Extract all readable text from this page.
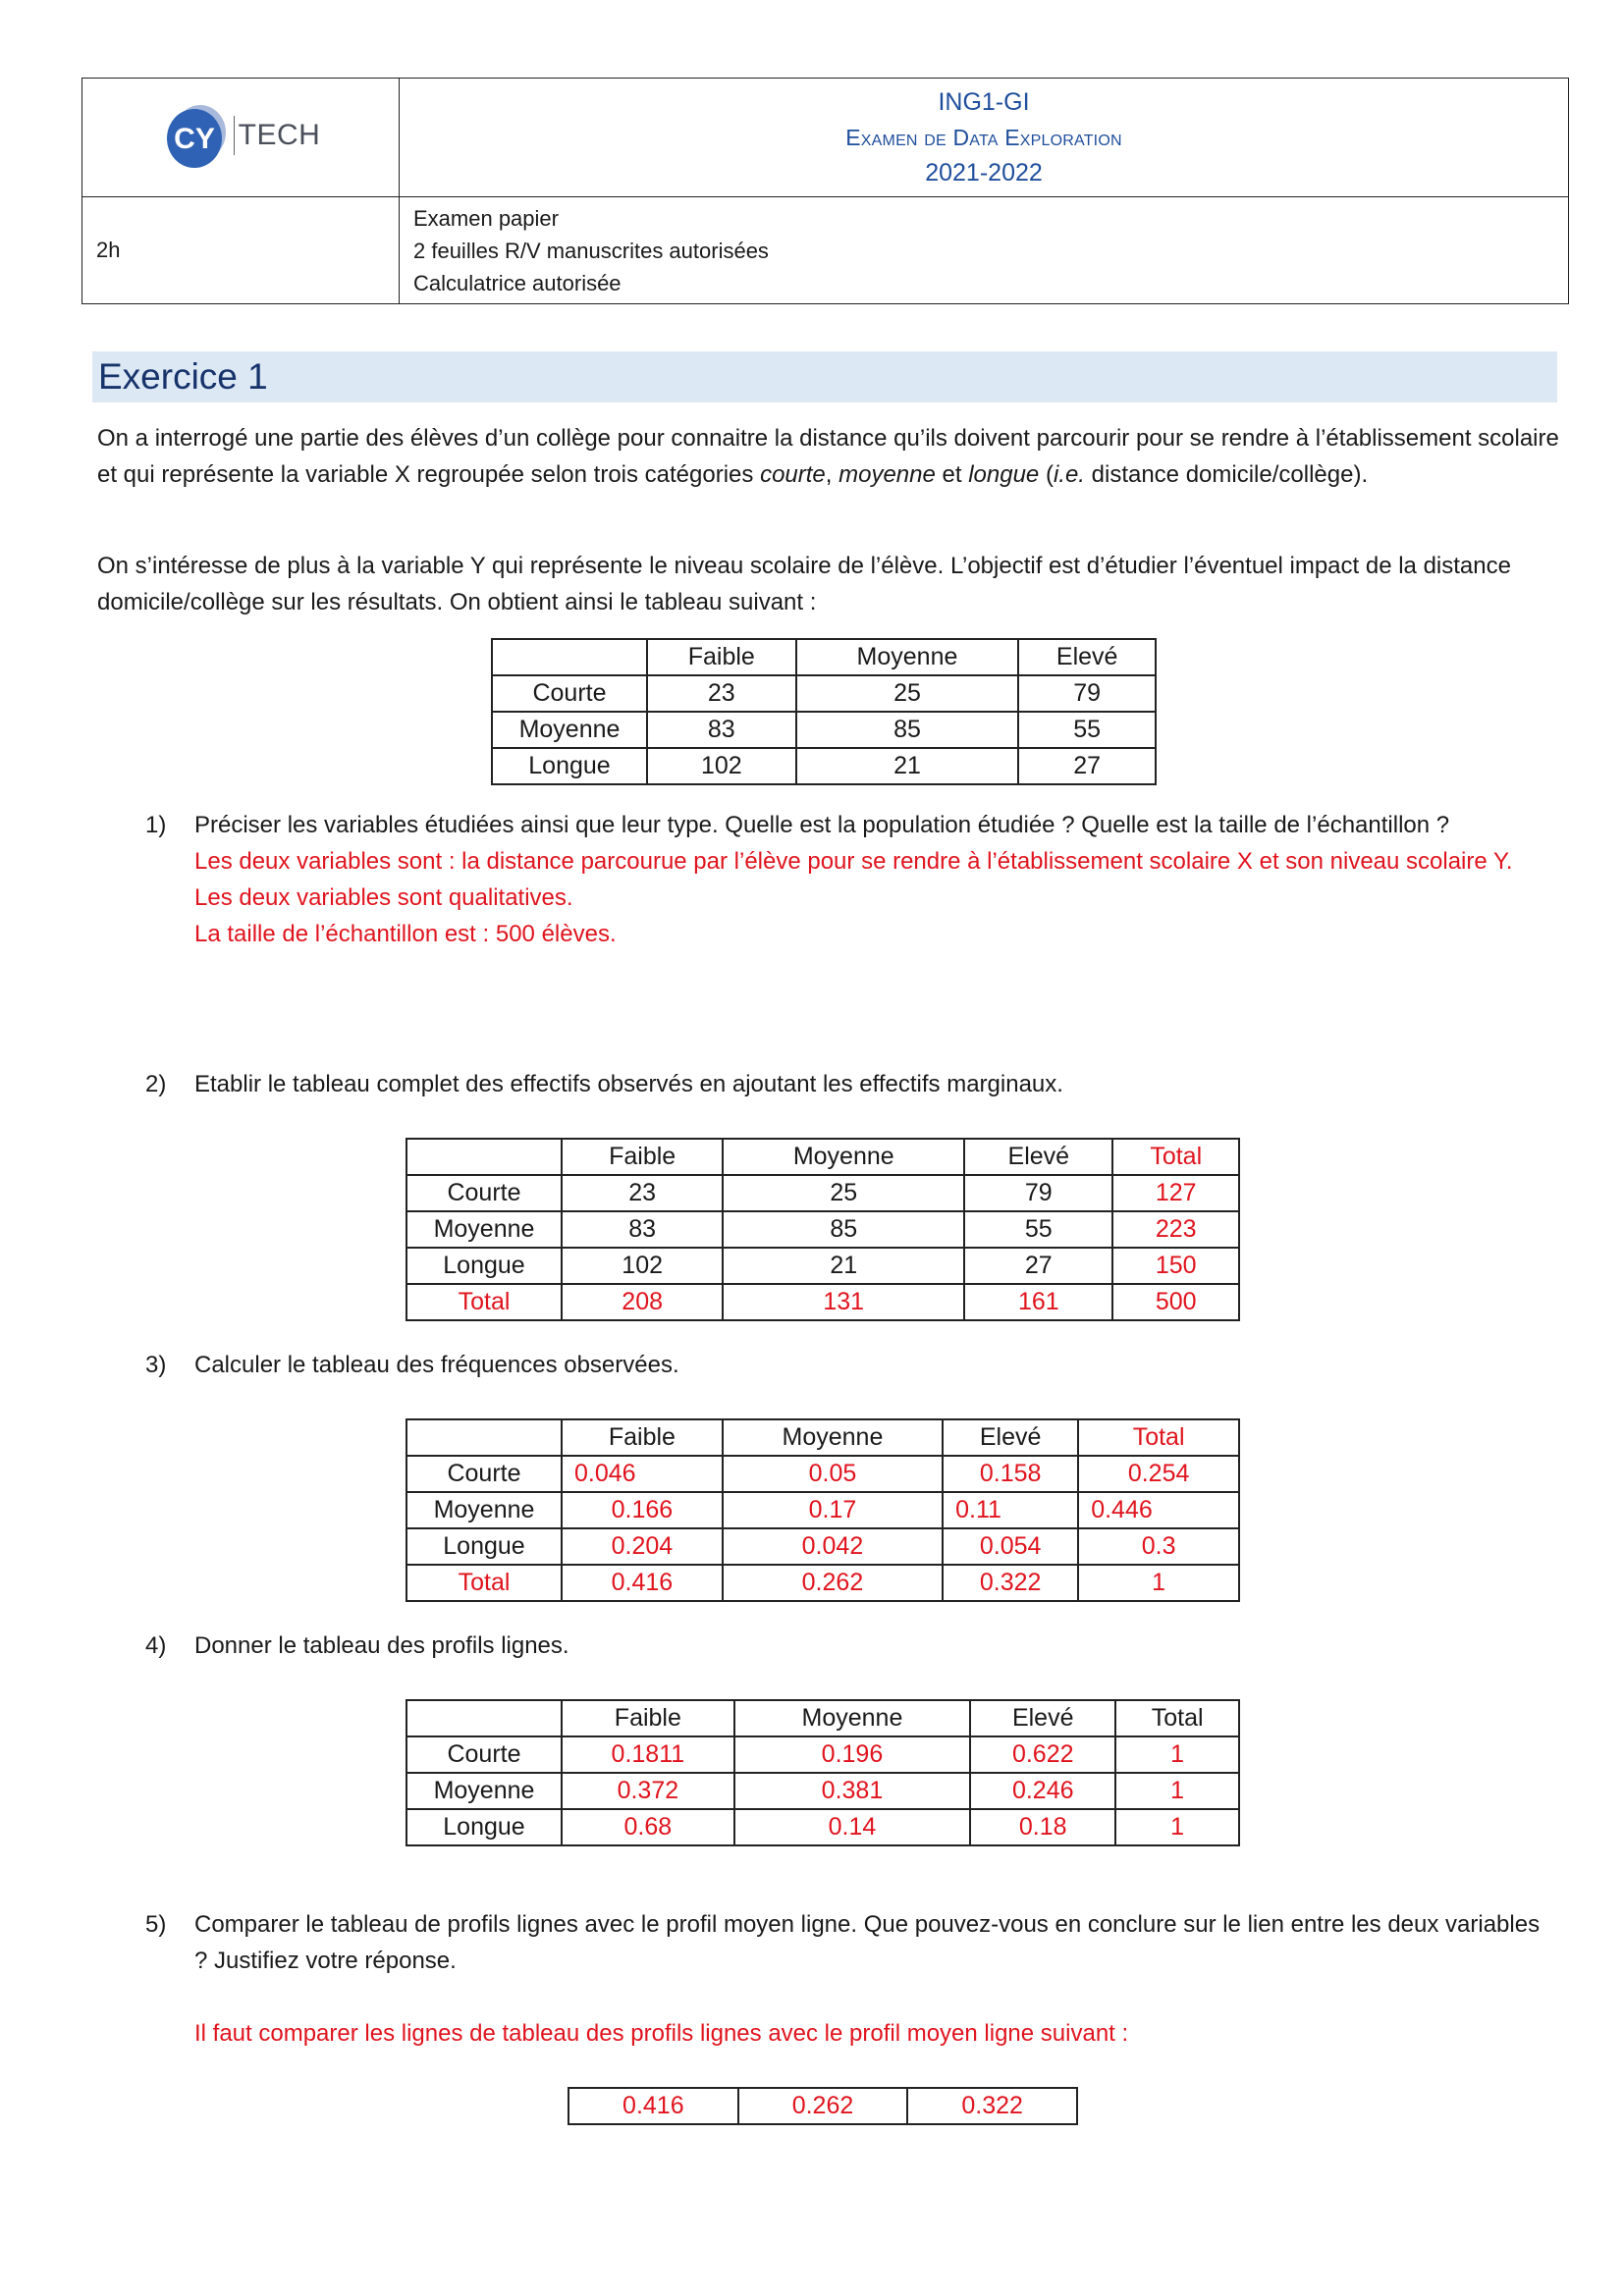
CY TECH

ING1-GI
Examen de Data Exploration
2021-2022

2h	Examen papier
2 feuilles R/V manuscrites autorisées
Calculatrice autorisée
Exercice 1

On a interrogé une partie des élèves d’un collège pour connaitre la distance qu’ils doivent parcourir pour se rendre à l’établissement scolaire et qui représente la variable X regroupée selon trois catégories courte, moyenne et longue (i.e. distance domicile/collège).

On s’intéresse de plus à la variable Y qui représente le niveau scolaire de l’élève. L’objectif est d’étudier l’éventuel impact de la distance domicile/collège sur les résultats. On obtient ainsi le tableau suivant :

	Faible	Moyenne	Elevé
Courte	23	25	79
Moyenne	83	85	55
Longue	102	21	27
1) Préciser les variables étudiées ainsi que leur type. Quelle est la population étudiée ? Quelle est la taille de l’échantillon ?
Les deux variables sont : la distance parcourue par l’élève pour se rendre à l’établissement scolaire X et son niveau scolaire Y.
Les deux variables sont qualitatives.
La taille de l’échantillon est : 500 élèves.
2) Etablir le tableau complet des effectifs observés en ajoutant les effectifs marginaux.
	Faible	Moyenne	Elevé	Total
Courte	23	25	79	127
Moyenne	83	85	55	223
Longue	102	21	27	150
Total	208	131	161	500
3) Calculer le tableau des fréquences observées.
	Faible	Moyenne	Elevé	Total
Courte	0.046	0.05	0.158	0.254
Moyenne	0.166	0.17	0.11	0.446
Longue	0.204	0.042	0.054	0.3
Total	0.416	0.262	0.322	1
4) Donner le tableau des profils lignes.
	Faible	Moyenne	Elevé	Total
Courte	0.1811	0.196	0.622	1
Moyenne	0.372	0.381	0.246	1
Longue	0.68	0.14	0.18	1
5) Comparer le tableau de profils lignes avec le profil moyen ligne. Que pouvez-vous en conclure sur le lien entre les deux variables ? Justifiez votre réponse.
Il faut comparer les lignes de tableau des profils lignes avec le profil moyen ligne suivant :
0.416	0.262	0.322
